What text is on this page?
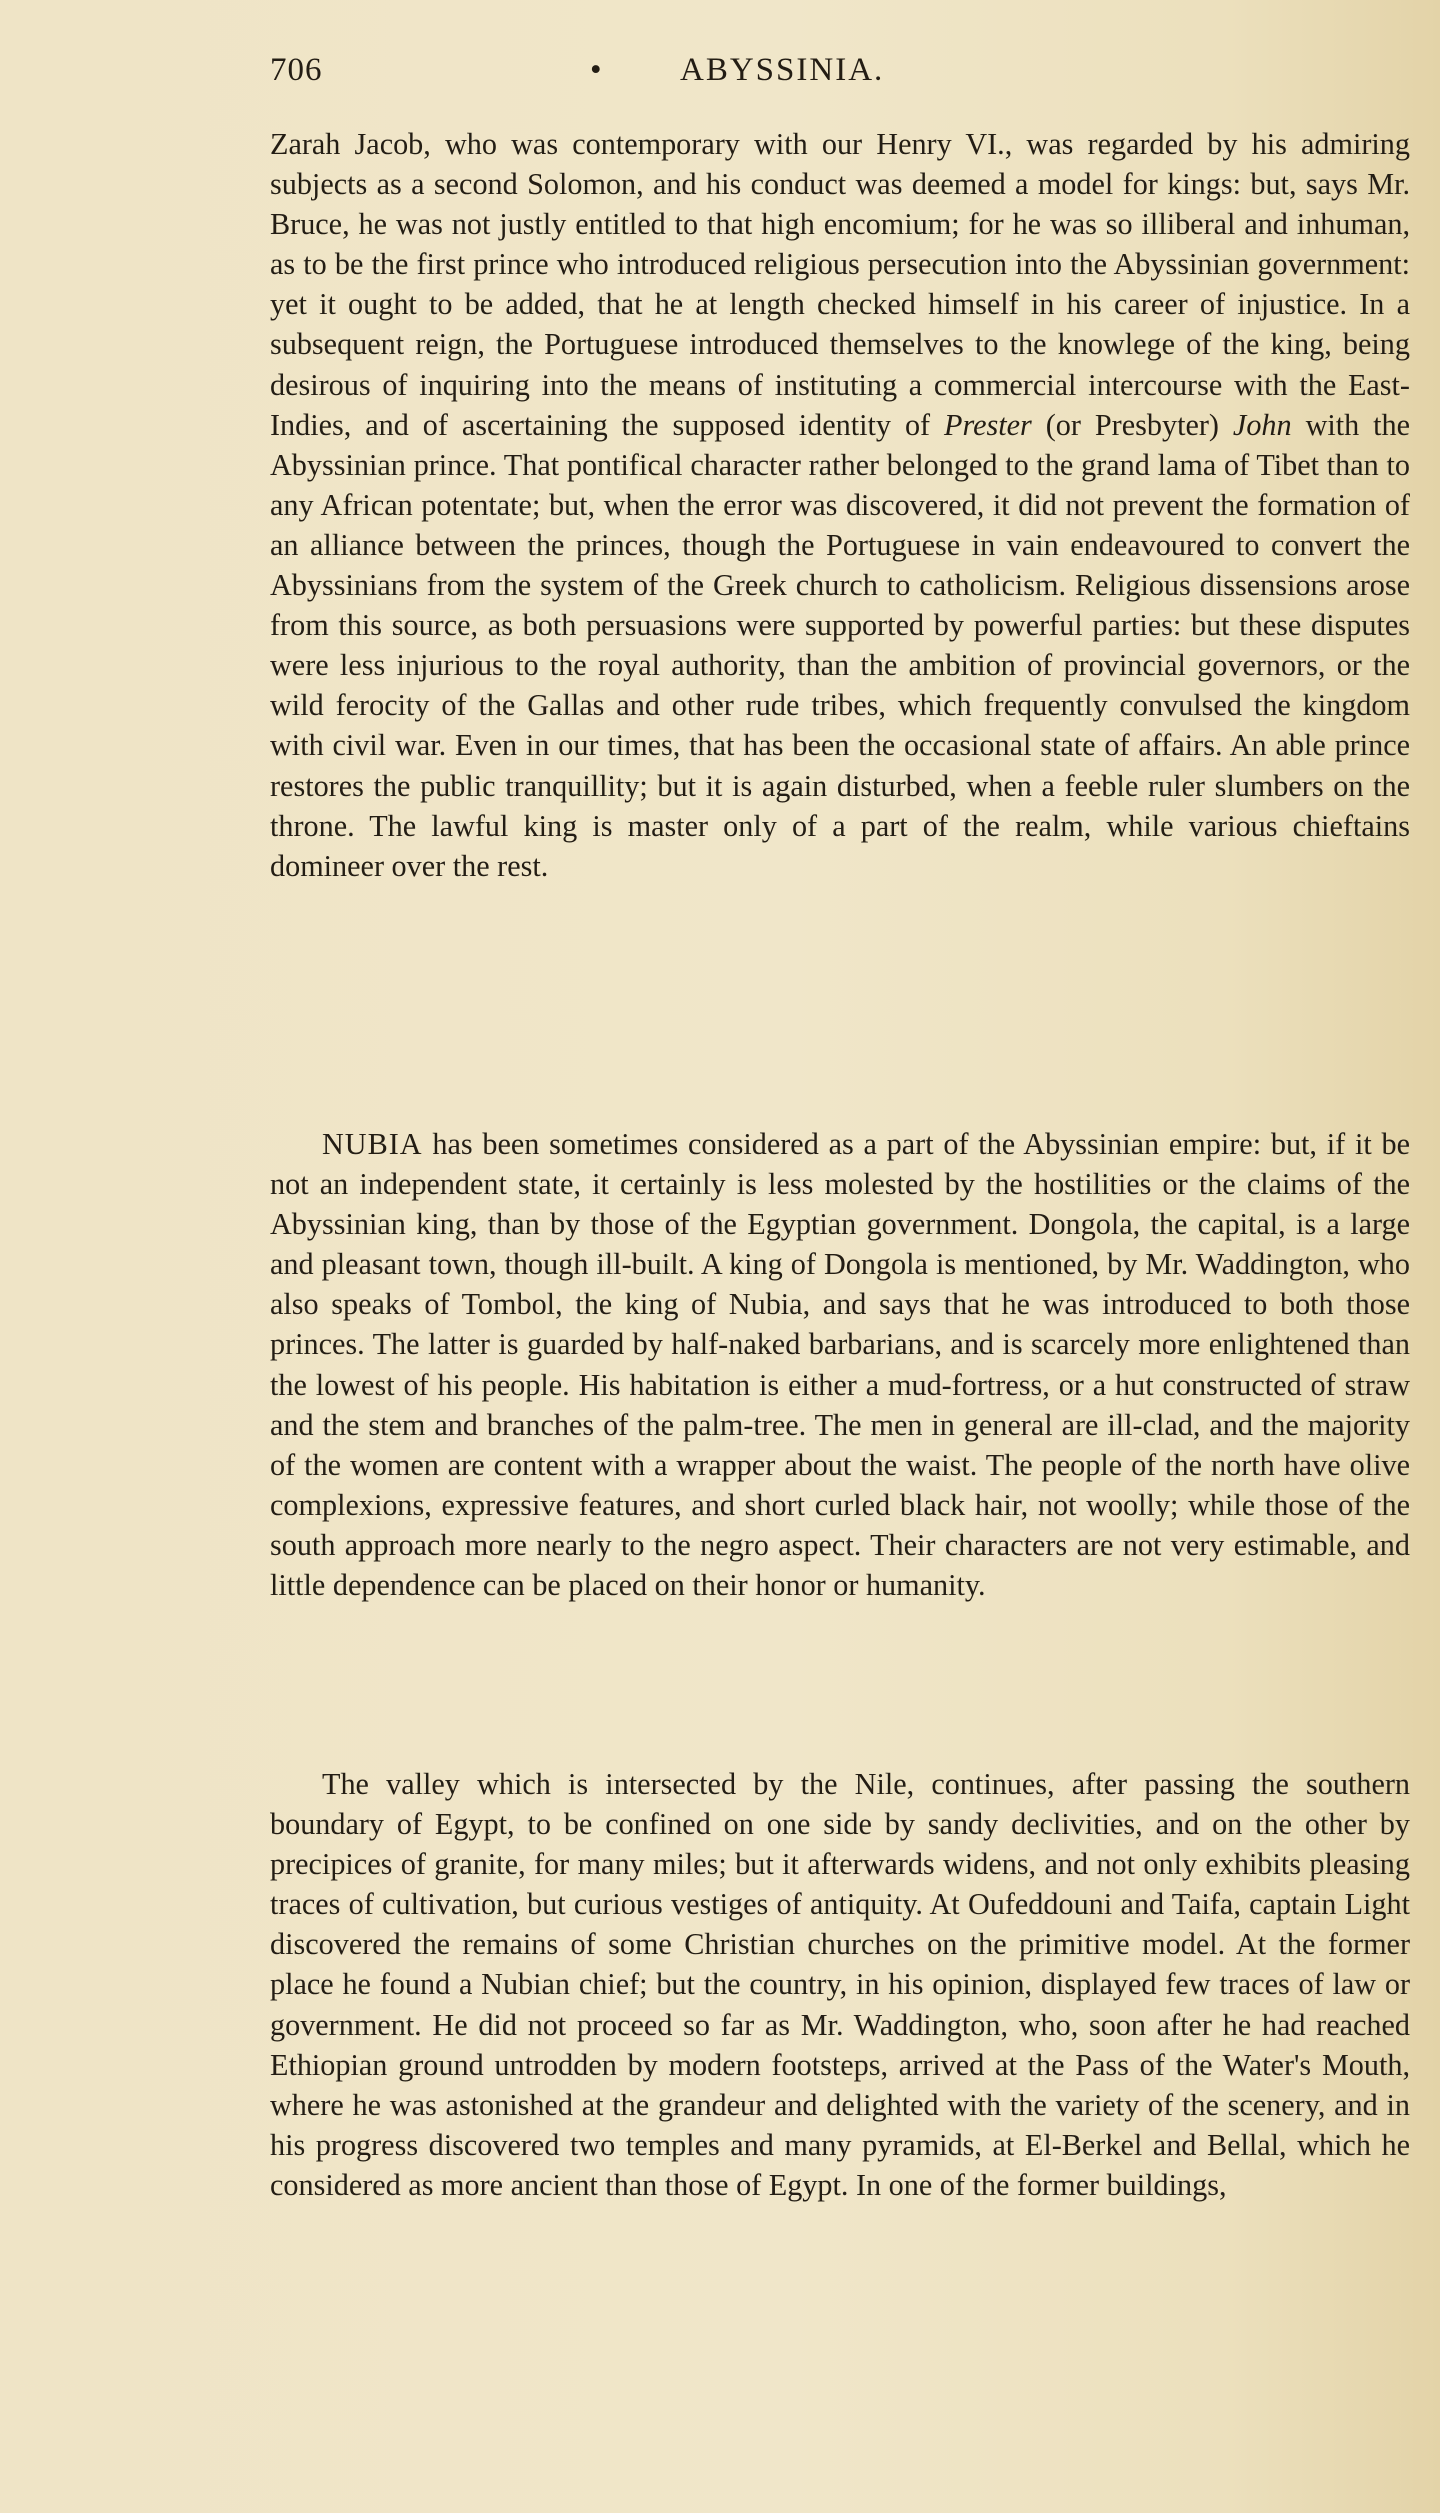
706	• ABYSSINIA.

Zarah Jacob, who was contemporary with our Henry VI., was regarded by his admiring subjects as a second Solomon, and his conduct was deemed a model for kings: but, says Mr. Bruce, he was not justly entitled to that high encomium; for he was so illiberal and inhuman, as to be the first prince who introduced religious persecution into the Abyssinian government: yet it ought to be added, that he at length checked himself in his career of injustice. In a subsequent reign, the Portuguese introduced themselves to the knowlege of the king, being desirous of inquiring into the means of instituting a commercial intercourse with the East-Indies, and of ascertaining the supposed identity of Prester (or Presbyter) John with the Abyssinian prince. That pontifical character rather belonged to the grand lama of Tibet than to any African potentate; but, when the error was discovered, it did not prevent the formation of an alliance between the princes, though the Portuguese in vain endeavoured to convert the Abyssinians from the system of the Greek church to catholicism. Religious dissensions arose from this source, as both persuasions were supported by powerful parties: but these disputes were less injurious to the royal authority, than the ambition of provincial governors, or the wild ferocity of the Gallas and other rude tribes, which frequently convulsed the kingdom with civil war. Even in our times, that has been the occasional state of affairs. An able prince restores the public tranquillity; but it is again disturbed, when a feeble ruler slumbers on the throne. The lawful king is master only of a part of the realm, while various chieftains domineer over the rest.

NUBIA has been sometimes considered as a part of the Abyssinian empire: but, if it be not an independent state, it certainly is less molested by the hostilities or the claims of the Abyssinian king, than by those of the Egyptian government. Dongola, the capital, is a large and pleasant town, though ill-built. A king of Dongola is mentioned, by Mr. Waddington, who also speaks of Tombol, the king of Nubia, and says that he was introduced to both those princes. The latter is guarded by half-naked barbarians, and is scarcely more enlightened than the lowest of his people. His habitation is either a mud-fortress, or a hut constructed of straw and the stem and branches of the palm-tree. The men in general are ill-clad, and the majority of the women are content with a wrapper about the waist. The people of the north have olive complexions, expressive features, and short curled black hair, not woolly; while those of the south approach more nearly to the negro aspect. Their characters are not very estimable, and little dependence can be placed on their honor or humanity.

The valley which is intersected by the Nile, continues, after passing the southern boundary of Egypt, to be confined on one side by sandy declivities, and on the other by precipices of granite, for many miles; but it afterwards widens, and not only exhibits pleasing traces of cultivation, but curious vestiges of antiquity. At Oufeddouni and Taifa, captain Light discovered the remains of some Christian churches on the primitive model. At the former place he found a Nubian chief; but the country, in his opinion, displayed few traces of law or government. He did not proceed so far as Mr. Waddington, who, soon after he had reached Ethiopian ground untrodden by modern footsteps, arrived at the Pass of the Water's Mouth, where he was astonished at the grandeur and delighted with the variety of the scenery, and in his progress discovered two temples and many pyramids, at El-Berkel and Bellal, which he considered as more ancient than those of Egypt. In one of the former buildings,
